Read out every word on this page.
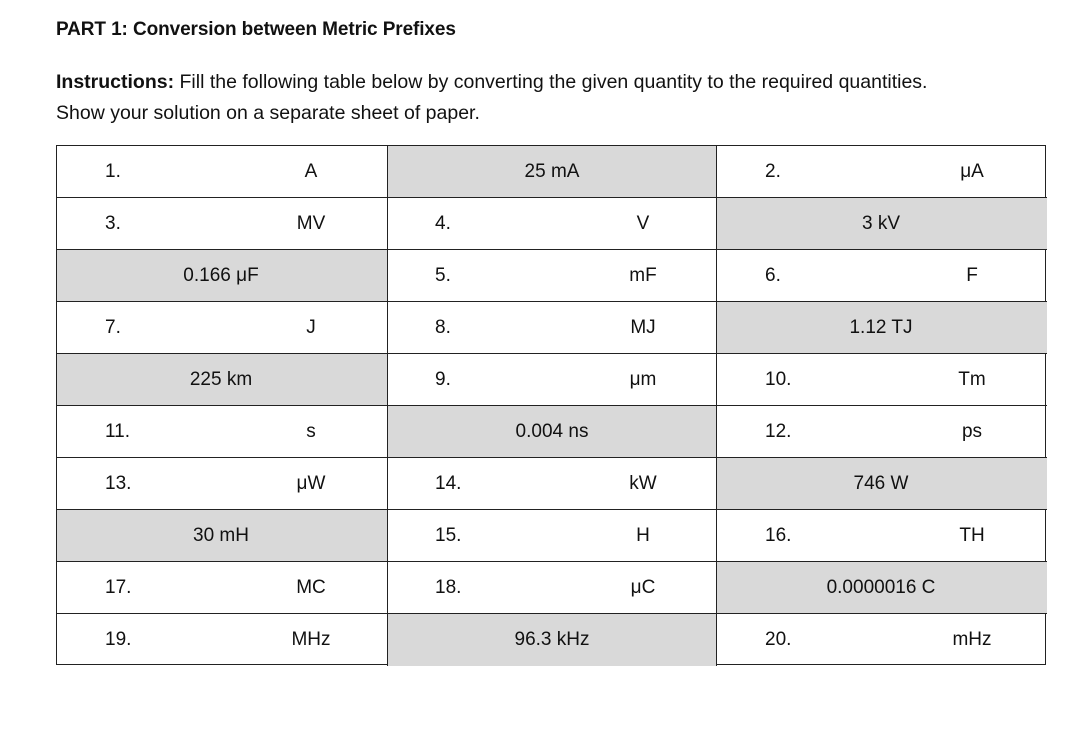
PART 1: Conversion between Metric Prefixes

Instructions: Fill the following table below by converting the given quantity to the required quantities.
Show your solution on a separate sheet of paper.

1.	A	25 mA	2.	μA
3.	MV	4.	V	3 kV
0.166 μF	5.	mF	6.	F
7.	J	8.	MJ	1.12 TJ
225 km	9.	μm	10.	Tm
11.	s	0.004 ns	12.	ps
13.	μW	14.	kW	746 W
30 mH	15.	H	16.	TH
17.	MC	18.	μC	0.0000016 C
19.	MHz	96.3 kHz	20.	mHz
